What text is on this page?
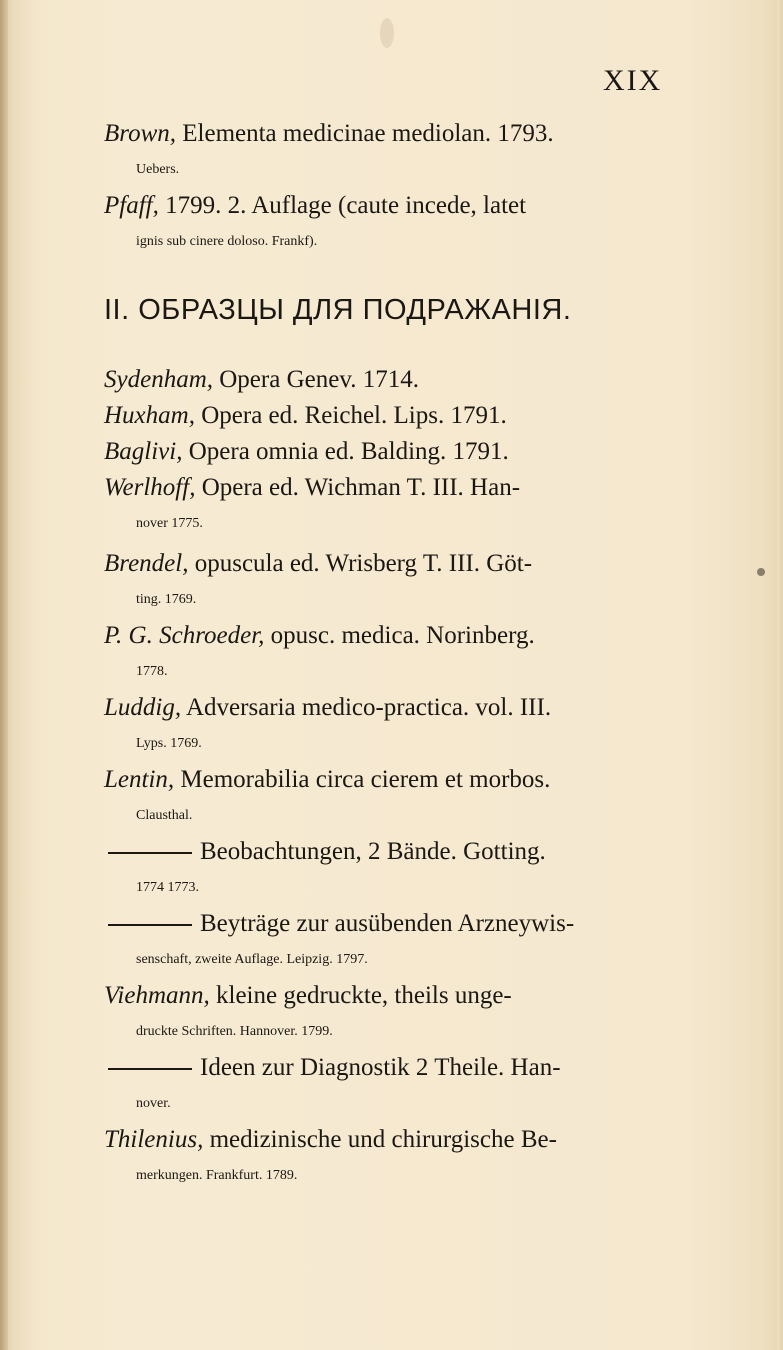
XIX
Brown, Elementa medicinae mediolan. 1793.
Uebers.
Pfaff, 1799. 2. Auflage (caute incede, latet
ignis sub cinere doloso. Frankf).
II. ОБРАЗЦЫ ДЛЯ ПОДРАЖАНІЯ.
Sydenham, Opera Genev. 1714.
Huxham, Opera ed. Reichel. Lips. 1791.
Baglivi, Opera omnia ed. Balding. 1791.
Werlhoff, Opera ed. Wichman T. III. Han-
nover 1775.
Brendel, opuscula ed. Wrisberg T. III. Göt-
ting. 1769.
P. G. Schroeder, opusc. medica. Norinberg.
1778.
Luddig, Adversaria medico-practica. vol. III.
Lyps. 1769.
Lentin, Memorabilia circa cierem et morbos.
Clausthal.
Beobachtungen, 2 Bände. Gotting.
1774 1773.
Beyträge zur ausübenden Arzneywis-
senschaft, zweite Auflage. Leipzig. 1797.
Viehmann, kleine gedruckte, theils unge-
druckte Schriften. Hannover. 1799.
Ideen zur Diagnostik 2 Theile. Han-
nover.
Thilenius, medizinische und chirurgische Be-
merkungen. Frankfurt. 1789.
